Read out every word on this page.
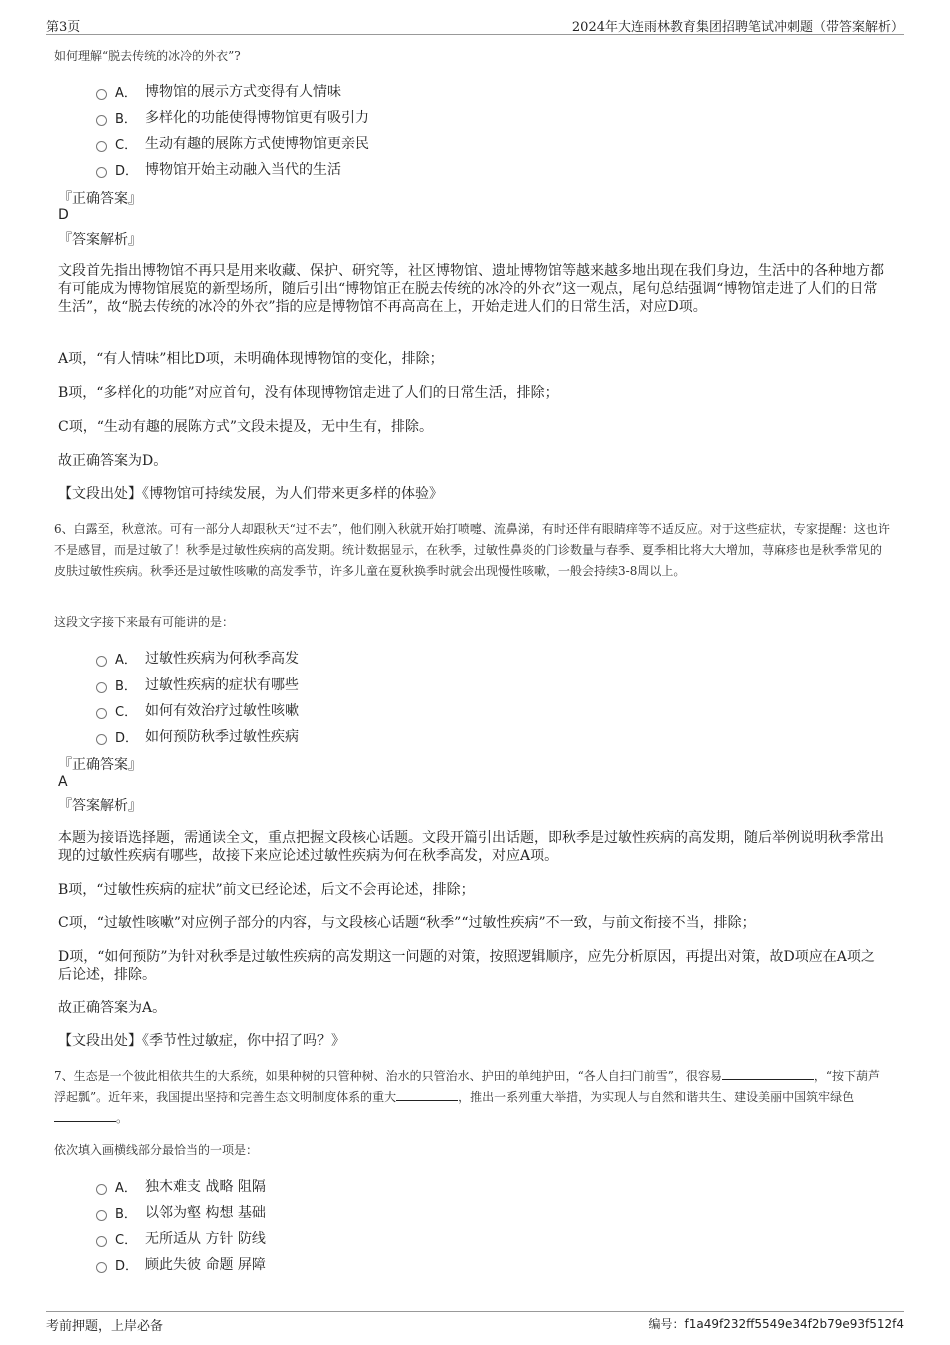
第3页	2024年大连雨林教育集团招聘笔试冲刺题（带答案解析）
如何理解“脱去传统的冰冷的外衣”?
A． 博物馆的展示方式变得有人情味
B． 多样化的功能使得博物馆更有吸引力
C． 生动有趣的展陈方式使博物馆更亲民
D． 博物馆开始主动融入当代的生活
『正确答案』
D
『答案解析』
文段首先指出博物馆不再只是用来收藏、保护、研究等，社区博物馆、遗址博物馆等越来越多地出现在我们身边，生活中的各种地方都有可能成为博物馆展览的新型场所，随后引出“博物馆正在脱去传统的冰冷的外衣”这一观点，尾句总结强调“博物馆走进了人们的日常生活”，故“脱去传统的冰冷的外衣”指的应是博物馆不再高高在上，开始走进人们的日常生活，对应D项。
A项，“有人情味”相比D项，未明确体现博物馆的变化，排除；
B项，“多样化的功能”对应首句，没有体现博物馆走进了人们的日常生活，排除；
C项，“生动有趣的展陈方式”文段未提及，无中生有，排除。
故正确答案为D。
【文段出处】《博物馆可持续发展，为人们带来更多样的体验》
6、白露至，秋意浓。可有一部分人却跟秋天“过不去”，他们刚入秋就开始打喷嚏、流鼻涕，有时还伴有眼睛痒等不适反应。对于这些症状，专家提醒：这也许不是感冒，而是过敏了！秋季是过敏性疾病的高发期。统计数据显示，在秋季，过敏性鼻炎的门诊数量与春季、夏季相比将大大增加，荨麻疹也是秋季常见的皮肤过敏性疾病。秋季还是过敏性咳嗽的高发季节，许多儿童在夏秋换季时就会出现慢性咳嗽，一般会持续3-8周以上。
这段文字接下来最有可能讲的是：
A． 过敏性疾病为何秋季高发
B． 过敏性疾病的症状有哪些
C． 如何有效治疗过敏性咳嗽
D． 如何预防秋季过敏性疾病
『正确答案』
A
『答案解析』
本题为接语选择题，需通读全文，重点把握文段核心话题。文段开篇引出话题，即秋季是过敏性疾病的高发期，随后举例说明秋季常出现的过敏性疾病有哪些，故接下来应论述过敏性疾病为何在秋季高发，对应A项。
B项，“过敏性疾病的症状”前文已经论述，后文不会再论述，排除；
C项，“过敏性咳嗽”对应例子部分的内容，与文段核心话题“秋季”“过敏性疾病”不一致，与前文衔接不当，排除；
D项，“如何预防”为针对秋季是过敏性疾病的高发期这一问题的对策，按照逻辑顺序，应先分析原因，再提出对策，故D项应在A项之后论述，排除。
故正确答案为A。
【文段出处】《季节性过敏症，你中招了吗？》
7、生态是一个彼此相依共生的大系统，如果种树的只管种树、治水的只管治水、护田的单纯护田，“各人自扫门前雪”，很容易	，“按下葫芦浮起瓢”。近年来，我国提出坚持和完善生态文明制度体系的重大	，推出一系列重大举措，为实现人与自然和谐共生、建设美丽中国筑牢绿色。
依次填入画横线部分最恰当的一项是：
A． 独木难支 战略 阻隔
B． 以邻为壑 构想 基础
C． 无所适从 方针 防线
D． 顾此失彼 命题 屏障
考前押题，上岸必备	编号：f1a49f232ff5549e34f2b79e93f512f4
